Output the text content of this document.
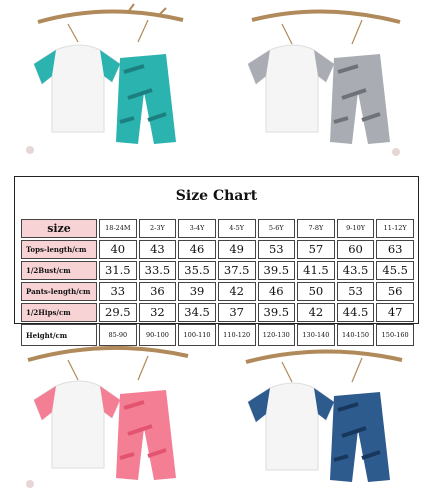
Size Chart
size	18-24M	2-3Y	3-4Y	4-5Y	5-6Y	7-8Y	9-10Y	11-12Y
Tops-length/cm	40	43	46	49	53	57	60	63
1/2Bust/cm	31.5	33.5	35.5	37.5	39.5	41.5	43.5	45.5
Pants-length/cm	33	36	39	42	46	50	53	56
1/2Hips/cm	29.5	32	34.5	37	39.5	42	44.5	47
Height/cm	85-90	90-100	100-110	110-120	120-130	130-140	140-150	150-160
